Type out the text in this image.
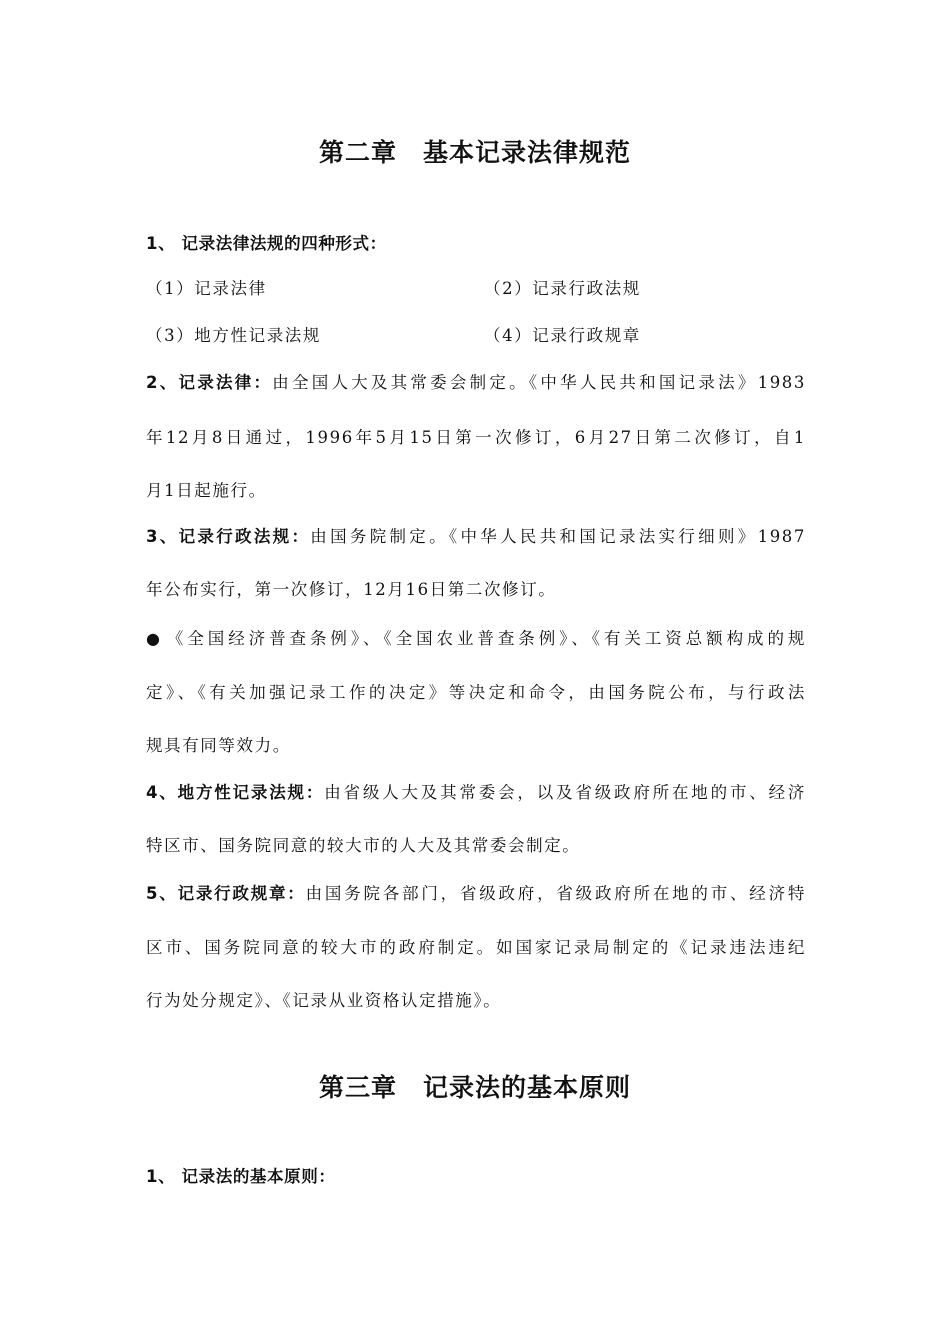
第二章　基本记录法律规范
1、 记录法律法规的四种形式：
（1）记录法律	（2）记录行政法规
（3）地方性记录法规	（4）记录行政规章
2、记录法律：由全国人大及其常委会制定。《中华人民共和国记录法》1983
年12月8日通过，1996年5月15日第一次修订，6月27日第二次修订，自1
月1日起施行。
3、记录行政法规：由国务院制定。《中华人民共和国记录法实行细则》1987
年公布实行，第一次修订，12月16日第二次修订。
● 《全国经济普查条例》、《全国农业普查条例》、《有关工资总额构成的规
定》、《有关加强记录工作的决定》等决定和命令，由国务院公布，与行政法
规具有同等效力。
4、地方性记录法规：由省级人大及其常委会，以及省级政府所在地的市、经济
特区市、国务院同意的较大市的人大及其常委会制定。
5、记录行政规章：由国务院各部门，省级政府，省级政府所在地的市、经济特
区市、国务院同意的较大市的政府制定。如国家记录局制定的《记录违法违纪
行为处分规定》、《记录从业资格认定措施》。
第三章　记录法的基本原则
1、 记录法的基本原则：
